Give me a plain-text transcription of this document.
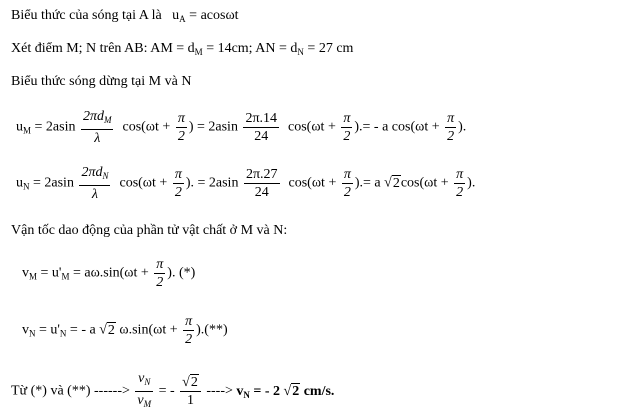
Biểu thức của sóng tại A là $u_A = acos\omega t$
Xét điểm M; N trên AB: AM = $d_M = 14cm$; AN = $d_N = 27$ cm
Biểu thức sóng dừng tại M và N
$u_M = 2asin \frac{2\pi d_M}{\lambda} \cos(\omega t + \frac{\pi}{2}$ ) = $2asin \frac{2\pi.14}{24} \cos(\omega t + \frac{\pi}{2}$ ).= - a $\cos(\omega t + \frac{\pi}{2}$ ).
$u_N = 2asin \frac{2\pi d_N}{\lambda} \cos(\omega t + \frac{\pi}{2}$ ). = $2asin \frac{2\pi.27}{24} \cos(\omega t + \frac{\pi}{2}$ ).= a $√2\cos(\omega t + \frac{\pi}{2}$ ).
Vận tốc dao động của phần tử vật chất ở M và N:
$v_M = u'_M = a\omega.\sin(\omega t + \frac{\pi}{2}$ ). (*)
$v_N = u'_N$ = - a √2 $\omega.\sin(\omega t + \frac{\pi}{2}$ ).(**)
Từ (*) và (**) ------> $\frac{v_N}{v_M}$ = - $\frac{√2}{1}$ ----> $v_N$ = - 2 √2 cm/s.
